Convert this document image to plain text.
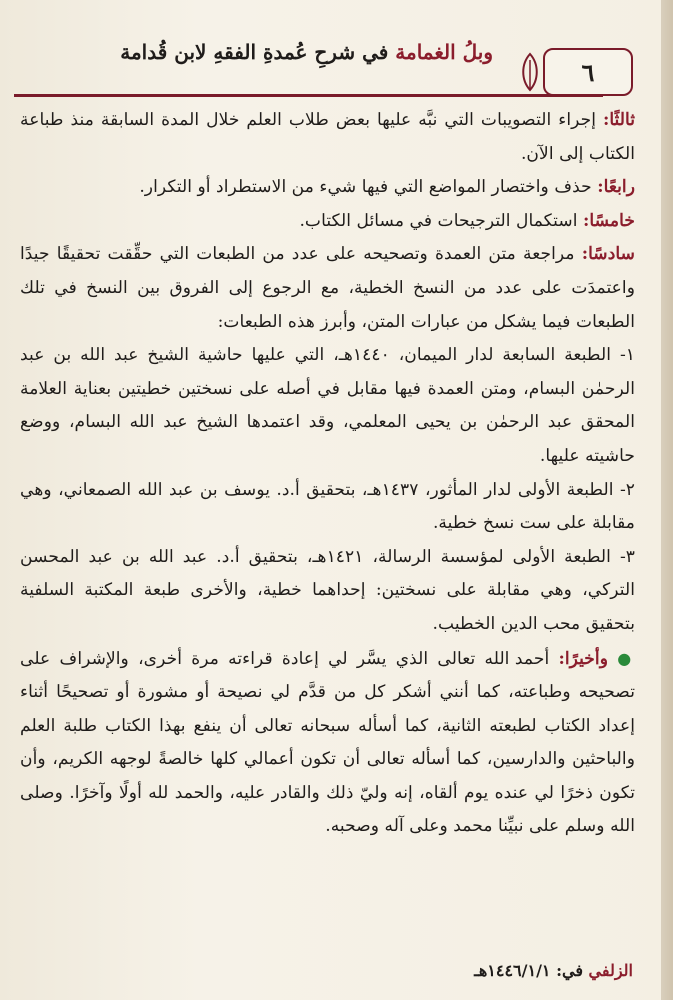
وبلُ الغمامة في شرحِ عُمدةِ الفقهِ لابن قُدامة
٦

ثالثًا: إجراء التصويبات التي نبَّه عليها بعض طلاب العلم خلال المدة السابقة منذ طباعة الكتاب إلى الآن.

رابعًا: حذف واختصار المواضع التي فيها شيء من الاستطراد أو التكرار.

خامسًا: استكمال الترجيحات في مسائل الكتاب.

سادسًا: مراجعة متن العمدة وتصحيحه على عدد من الطبعات التي حقِّقت تحقيقًا جيدًا واعتمدَت على عدد من النسخ الخطية، مع الرجوع إلى الفروق بين النسخ في تلك الطبعات فيما يشكل من عبارات المتن، وأبرز هذه الطبعات:

١- الطبعة السابعة لدار الميمان، ١٤٤٠هـ، التي عليها حاشية الشيخ عبد الله بن عبد الرحمٰن البسام، ومتن العمدة فيها مقابل في أصله على نسختين خطيتين بعناية العلامة المحقق عبد الرحمٰن بن يحيى المعلمي، وقد اعتمدها الشيخ عبد الله البسام، ووضع حاشيته عليها.

٢- الطبعة الأولى لدار المأثور، ١٤٣٧هـ، بتحقيق أ.د. يوسف بن عبد الله الصمعاني، وهي مقابلة على ست نسخ خطية.

٣- الطبعة الأولى لمؤسسة الرسالة، ١٤٢١هـ، بتحقيق أ.د. عبد الله بن عبد المحسن التركي، وهي مقابلة على نسختين: إحداهما خطية، والأخرى طبعة المكتبة السلفية بتحقيق محب الدين الخطيب.

● وأخيرًا: أحمد الله تعالى الذي يسَّر لي إعادة قراءته مرة أخرى، والإشراف على تصحيحه وطباعته، كما أنني أشكر كل من قدَّم لي نصيحة أو مشورة أو تصحيحًا أثناء إعداد الكتاب لطبعته الثانية، كما أسأله سبحانه تعالى أن ينفع بهذا الكتاب طلبة العلم والباحثين والدارسين، كما أسأله تعالى أن تكون أعمالي كلها خالصةً لوجهه الكريم، وأن تكون ذخرًا لي عنده يوم ألقاه، إنه وليّ ذلك والقادر عليه، والحمد لله أولًا وآخرًا. وصلى الله وسلم على نبيِّنا محمد وعلى آله وصحبه.

الزلفي في: ١٤٤٦/١/١هـ
